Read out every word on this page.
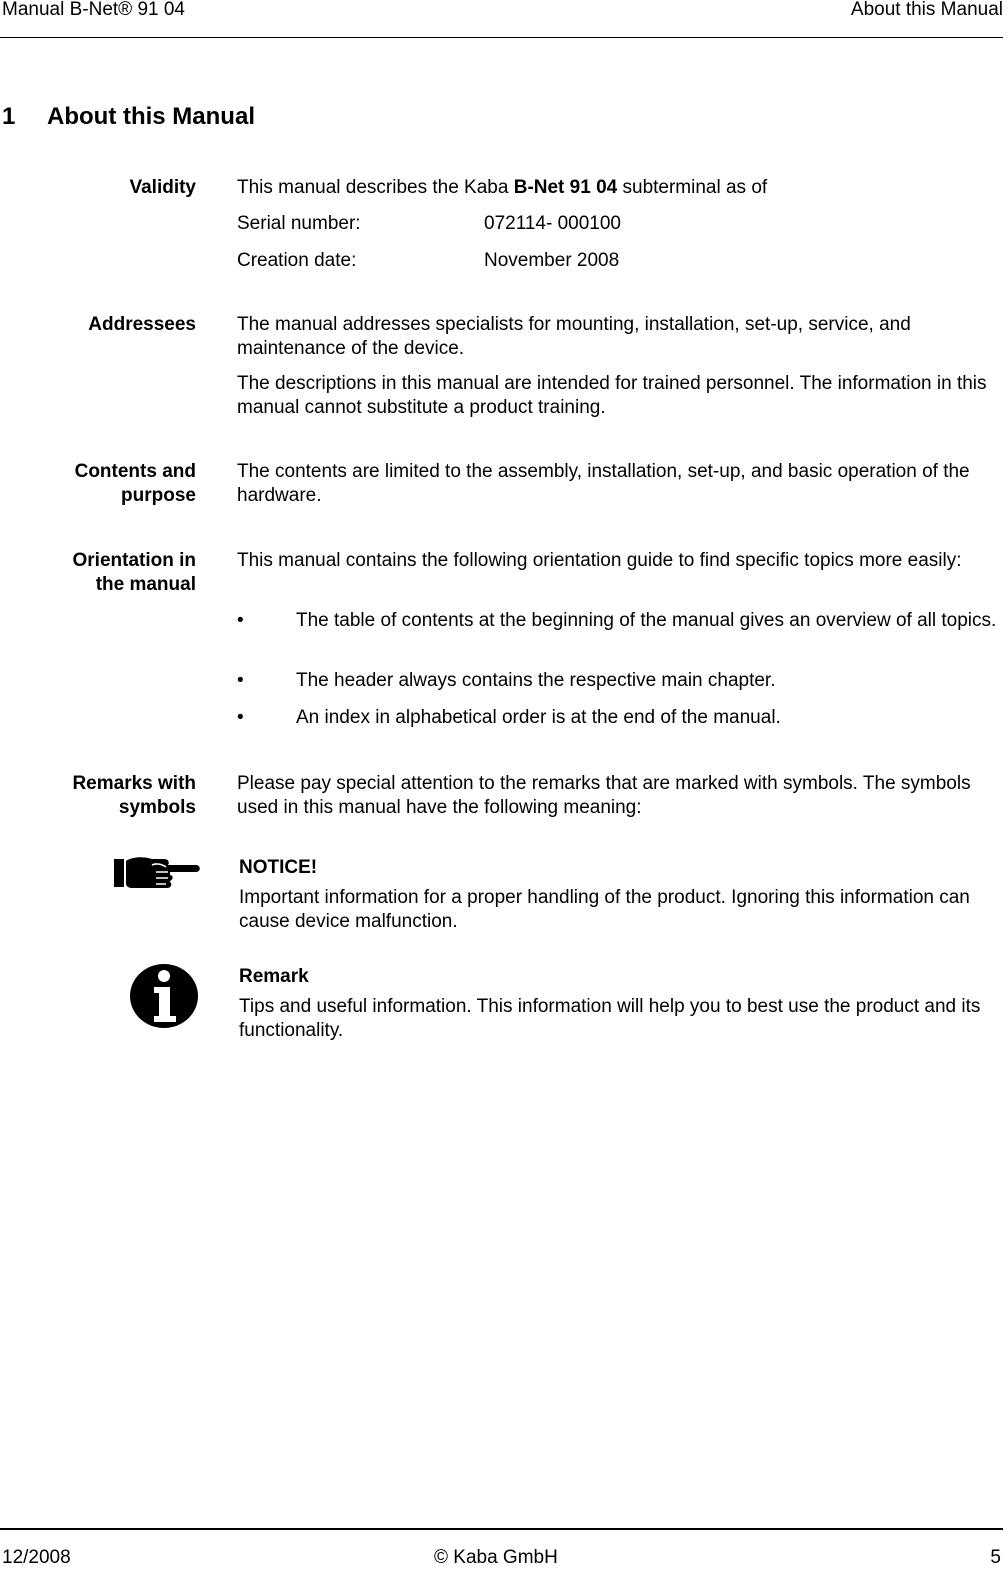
Manual B-Net® 91 04	About this Manual
1 About this Manual
Validity This manual describes the Kaba B-Net 91 04 subterminal as of
Serial number:	072114- 000100
Creation date:	November 2008
Addressees The manual addresses specialists for mounting, installation, set-up, service, and maintenance of the device.
The descriptions in this manual are intended for trained personnel. The information in this manual cannot substitute a product training.
Contents and
purpose
The contents are limited to the assembly, installation, set-up, and basic operation of the hardware.
Orientation in
the manual
This manual contains the following orientation guide to find specific topics more easily:
•	The table of contents at the beginning of the manual gives an overview of all topics.
•	The header always contains the respective main chapter.
•	An index in alphabetical order is at the end of the manual.
Remarks with
symbols
Please pay special attention to the remarks that are marked with symbols. The symbols used in this manual have the following meaning:
NOTICE!
Important information for a proper handling of the product. Ignoring this information can cause device malfunction.
Remark
Tips and useful information. This information will help you to best use the product and its functionality.
12/2008	© Kaba GmbH	5
